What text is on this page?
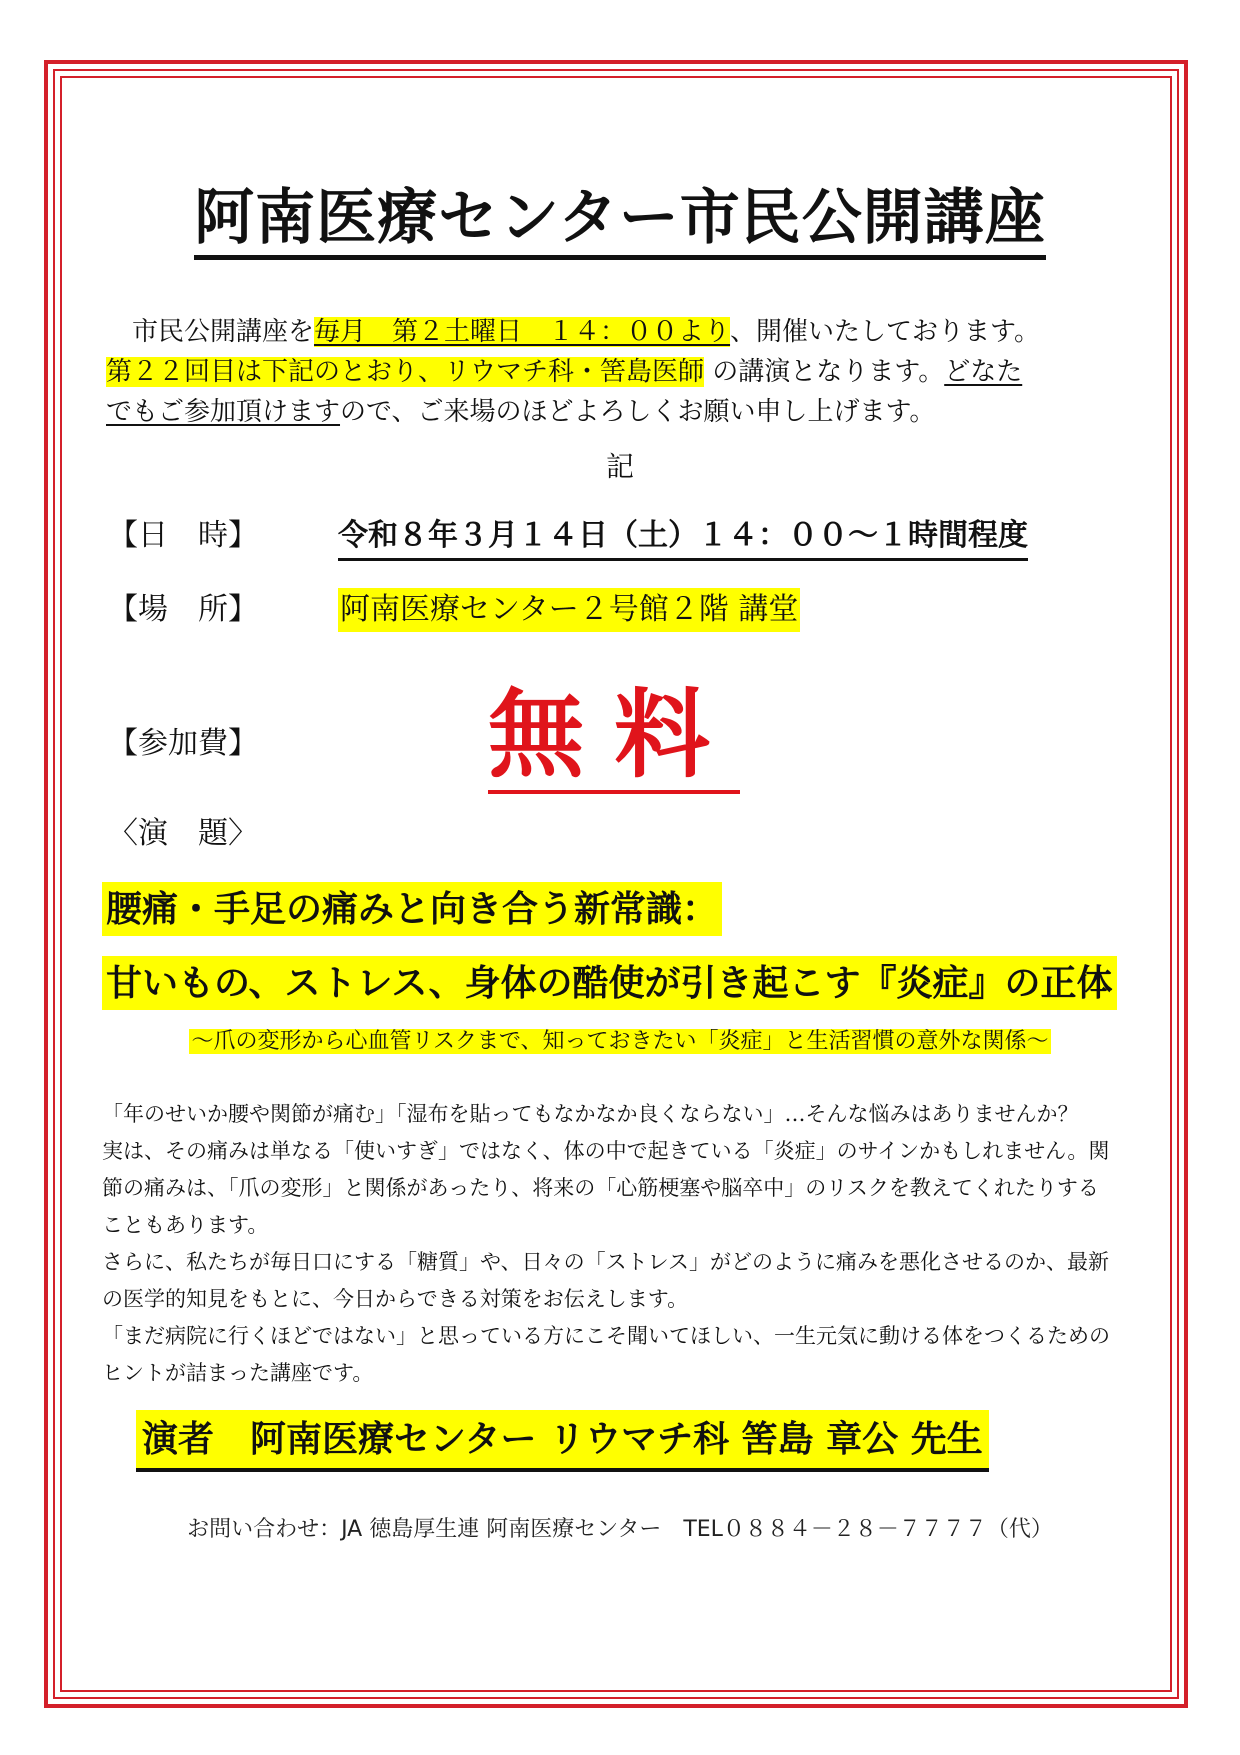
阿南医療センター市民公開講座
　市民公開講座を毎月　第２土曜日　１４：００より、開催いたしております。
第２２回目は下記のとおり、リウマチ科・筈島医師 の講演となります。どなた
でもご参加頂けますので、ご来場のほどよろしくお願い申し上げます。
記
【日　時】	令和８年３月１４日（土）１４：００～１時間程度
【場　所】	阿南医療センター２号館２階 講堂
【参加費】 無料
〈演　題〉
腰痛・手足の痛みと向き合う新常識：
甘いもの、ストレス、身体の酷使が引き起こす『炎症』の正体
～爪の変形から心血管リスクまで、知っておきたい「炎症」と生活習慣の意外な関係～

「年のせいか腰や関節が痛む」「湿布を貼ってもなかなか良くならない」…そんな悩みはありませんか？　実は、その痛みは単なる「使いすぎ」ではなく、体の中で起きている「炎症」のサインかもしれません。関節の痛みは、「爪の変形」と関係があったり、将来の「心筋梗塞や脳卒中」のリスクを教えてくれたりすることもあります。

さらに、私たちが毎日口にする「糖質」や、日々の「ストレス」がどのように痛みを悪化させるのか、最新の医学的知見をもとに、今日からできる対策をお伝えします。

「まだ病院に行くほどではない」と思っている方にこそ聞いてほしい、一生元気に動ける体をつくるためのヒントが詰まった講座です。

演者　阿南医療センター リウマチ科 筈島 章公 先生
お問い合わせ：JA 徳島厚生連 阿南医療センター　TEL０８８４－２８－７７７７（代）
